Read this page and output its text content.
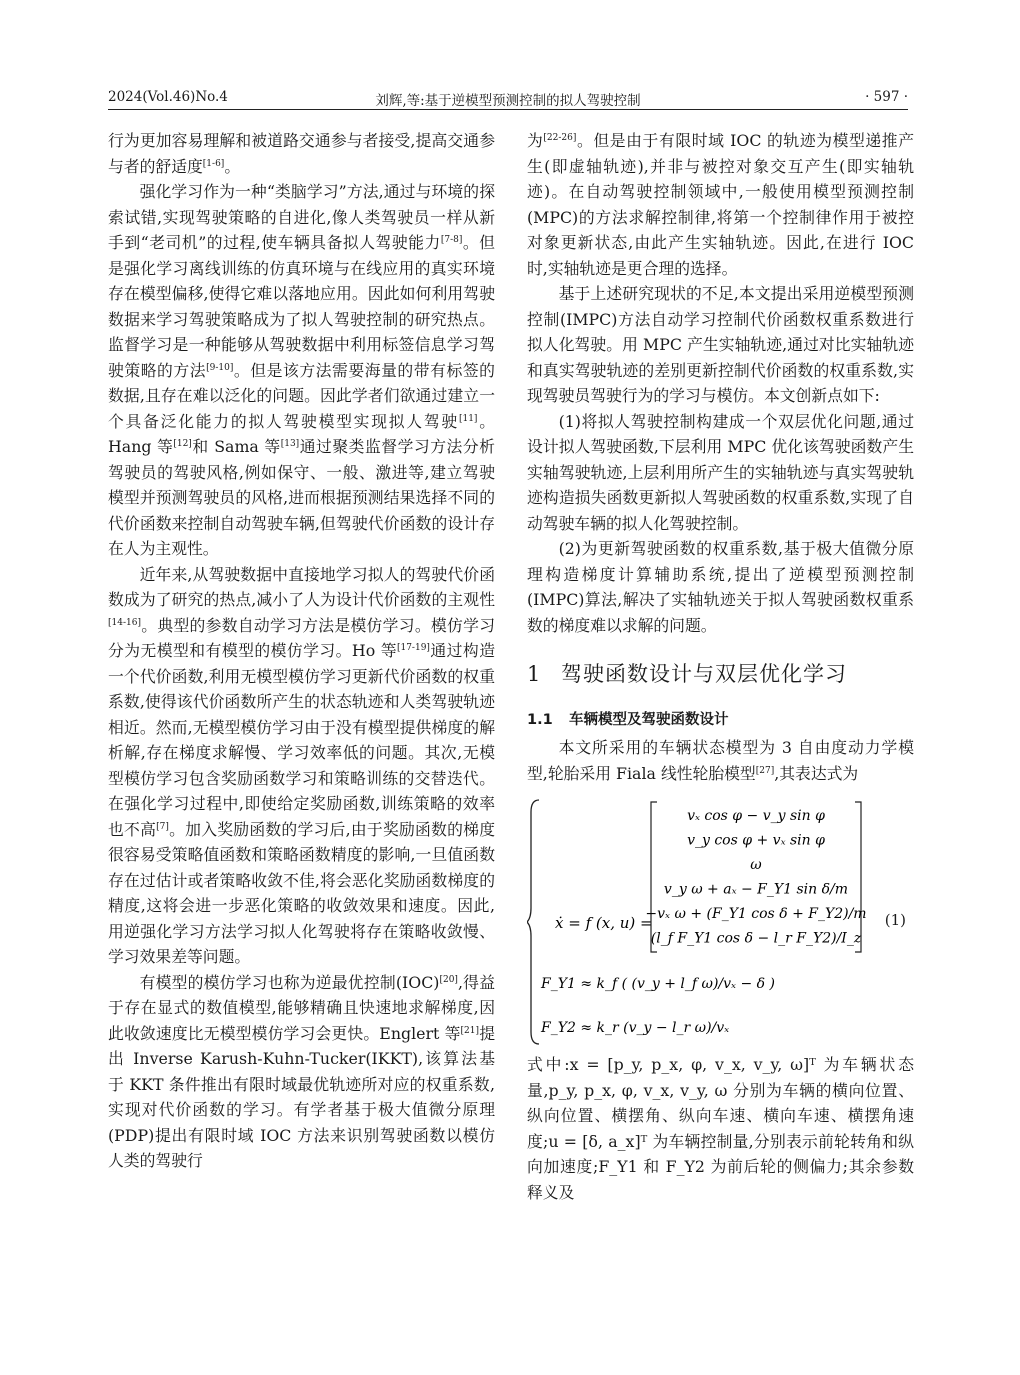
2024(Vol.46)No.4	刘辉,等:基于逆模型预测控制的拟人驾驶控制	· 597 ·

行为更加容易理解和被道路交通参与者接受,提高交通参与者的舒适度[1-6]。

强化学习作为一种“类脑学习”方法,通过与环境的探索试错,实现驾驶策略的自进化,像人类驾驶员一样从新手到“老司机”的过程,使车辆具备拟人驾驶能力[7-8]。但是强化学习离线训练的仿真环境与在线应用的真实环境存在模型偏移,使得它难以落地应用。因此如何利用驾驶数据来学习驾驶策略成为了拟人驾驶控制的研究热点。监督学习是一种能够从驾驶数据中利用标签信息学习驾驶策略的方法[9-10]。但是该方法需要海量的带有标签的数据,且存在难以泛化的问题。因此学者们欲通过建立一个具备泛化能力的拟人驾驶模型实现拟人驾驶[11]。Hang 等[12]和 Sama 等[13]通过聚类监督学习方法分析驾驶员的驾驶风格,例如保守、一般、激进等,建立驾驶模型并预测驾驶员的风格,进而根据预测结果选择不同的代价函数来控制自动驾驶车辆,但驾驶代价函数的设计存在人为主观性。

近年来,从驾驶数据中直接地学习拟人的驾驶代价函数成为了研究的热点,减小了人为设计代价函数的主观性[14-16]。典型的参数自动学习方法是模仿学习。模仿学习分为无模型和有模型的模仿学习。Ho 等[17-19]通过构造一个代价函数,利用无模型模仿学习更新代价函数的权重系数,使得该代价函数所产生的状态轨迹和人类驾驶轨迹相近。然而,无模型模仿学习由于没有模型提供梯度的解析解,存在梯度求解慢、学习效率低的问题。其次,无模型模仿学习包含奖励函数学习和策略训练的交替迭代。在强化学习过程中,即使给定奖励函数,训练策略的效率也不高[7]。加入奖励函数的学习后,由于奖励函数的梯度很容易受策略值函数和策略函数精度的影响,一旦值函数存在过估计或者策略收敛不佳,将会恶化奖励函数梯度的精度,这将会进一步恶化策略的收敛效果和速度。因此,用逆强化学习方法学习拟人化驾驶将存在策略收敛慢、学习效果差等问题。

有模型的模仿学习也称为逆最优控制(IOC)[20],得益于存在显式的数值模型,能够精确且快速地求解梯度,因此收敛速度比无模型模仿学习会更快。Englert 等[21]提出 Inverse Karush-Kuhn-Tucker(IKKT),该算法基于 KKT 条件推出有限时域最优轨迹所对应的权重系数,实现对代价函数的学习。有学者基于极大值微分原理(PDP)提出有限时域 IOC 方法来识别驾驶函数以模仿人类的驾驶行

为[22-26]。但是由于有限时域 IOC 的轨迹为模型递推产生(即虚轴轨迹),并非与被控对象交互产生(即实轴轨迹)。在自动驾驶控制领域中,一般使用模型预测控制(MPC)的方法求解控制律,将第一个控制律作用于被控对象更新状态,由此产生实轴轨迹。因此,在进行 IOC 时,实轴轨迹是更合理的选择。

基于上述研究现状的不足,本文提出采用逆模型预测控制(IMPC)方法自动学习控制代价函数权重系数进行拟人化驾驶。用 MPC 产生实轴轨迹,通过对比实轴轨迹和真实驾驶轨迹的差别更新控制代价函数的权重系数,实现驾驶员驾驶行为的学习与模仿。本文创新点如下:

(1)将拟人驾驶控制构建成一个双层优化问题,通过设计拟人驾驶函数,下层利用 MPC 优化该驾驶函数产生实轴驾驶轨迹,上层利用所产生的实轴轨迹与真实驾驶轨迹构造损失函数更新拟人驾驶函数的权重系数,实现了自动驾驶车辆的拟人化驾驶控制。

(2)为更新驾驶函数的权重系数,基于极大值微分原理构造梯度计算辅助系统,提出了逆模型预测控制(IMPC)算法,解决了实轴轨迹关于拟人驾驶函数权重系数的梯度难以求解的问题。

1 驾驶函数设计与双层优化学习
1.1 车辆模型及驾驶函数设计

本文所采用的车辆状态模型为 3 自由度动力学模型,轮胎采用 Fiala 线性轮胎模型[27],其表达式为

ẋ = f (x, u) =
vₓ cos φ − v_y sin φ
v_y cos φ + vₓ sin φ
ω
v_y ω + aₓ − F_Y1 sin δ/m
−vₓ ω + (F_Y1 cos δ + F_Y2)/m
(l_f F_Y1 cos δ − l_r F_Y2)/I_z
F_Y1 ≈ k_f ( (v_y + l_f ω)/vₓ − δ )
F_Y2 ≈ k_r (v_y − l_r ω)/vₓ
(1)

式中:x = [p_y, p_x, φ, v_x, v_y, ω]ᵀ 为车辆状态量,p_y, p_x, φ, v_x, v_y, ω 分别为车辆的横向位置、纵向位置、横摆角、纵向车速、横向车速、横摆角速度;u = [δ, a_x]ᵀ 为车辆控制量,分别表示前轮转角和纵向加速度;F_Y1 和 F_Y2 为前后轮的侧偏力;其余参数释义及
